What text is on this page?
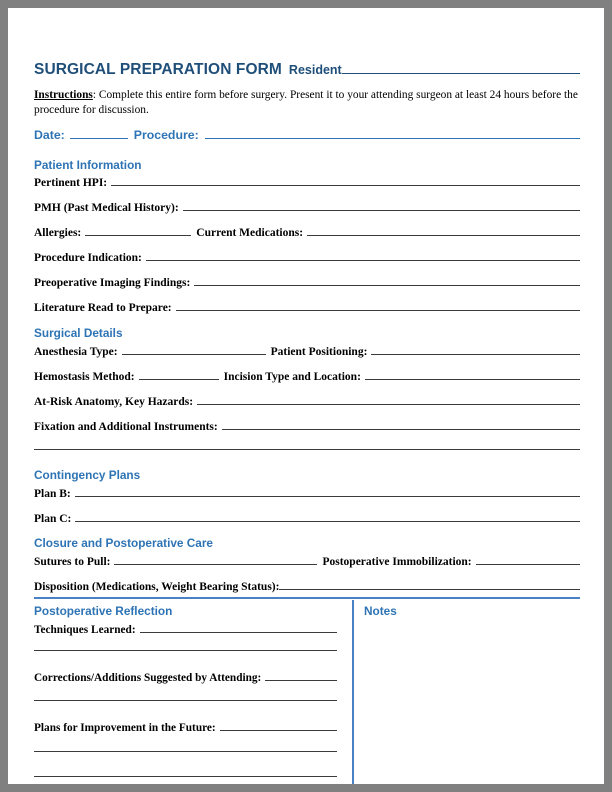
SURGICAL PREPARATION FORM Resident
Instructions: Complete this entire form before surgery. Present it to your attending surgeon at least 24 hours before the procedure for discussion.
Date:	Procedure:
Patient Information
Pertinent HPI:
PMH (Past Medical History):
Allergies:	Current Medications:
Procedure Indication:
Preoperative Imaging Findings:
Literature Read to Prepare:
Surgical Details
Anesthesia Type:	Patient Positioning:
Hemostasis Method:	Incision Type and Location:
At-Risk Anatomy, Key Hazards:
Fixation and Additional Instruments:
Contingency Plans
Plan B:
Plan C:
Closure and Postoperative Care
Sutures to Pull:	Postoperative Immobilization:
Disposition (Medications, Weight Bearing Status):
Postoperative Reflection
Techniques Learned:
Corrections/Additions Suggested by Attending:
Plans for Improvement in the Future:
Notes
